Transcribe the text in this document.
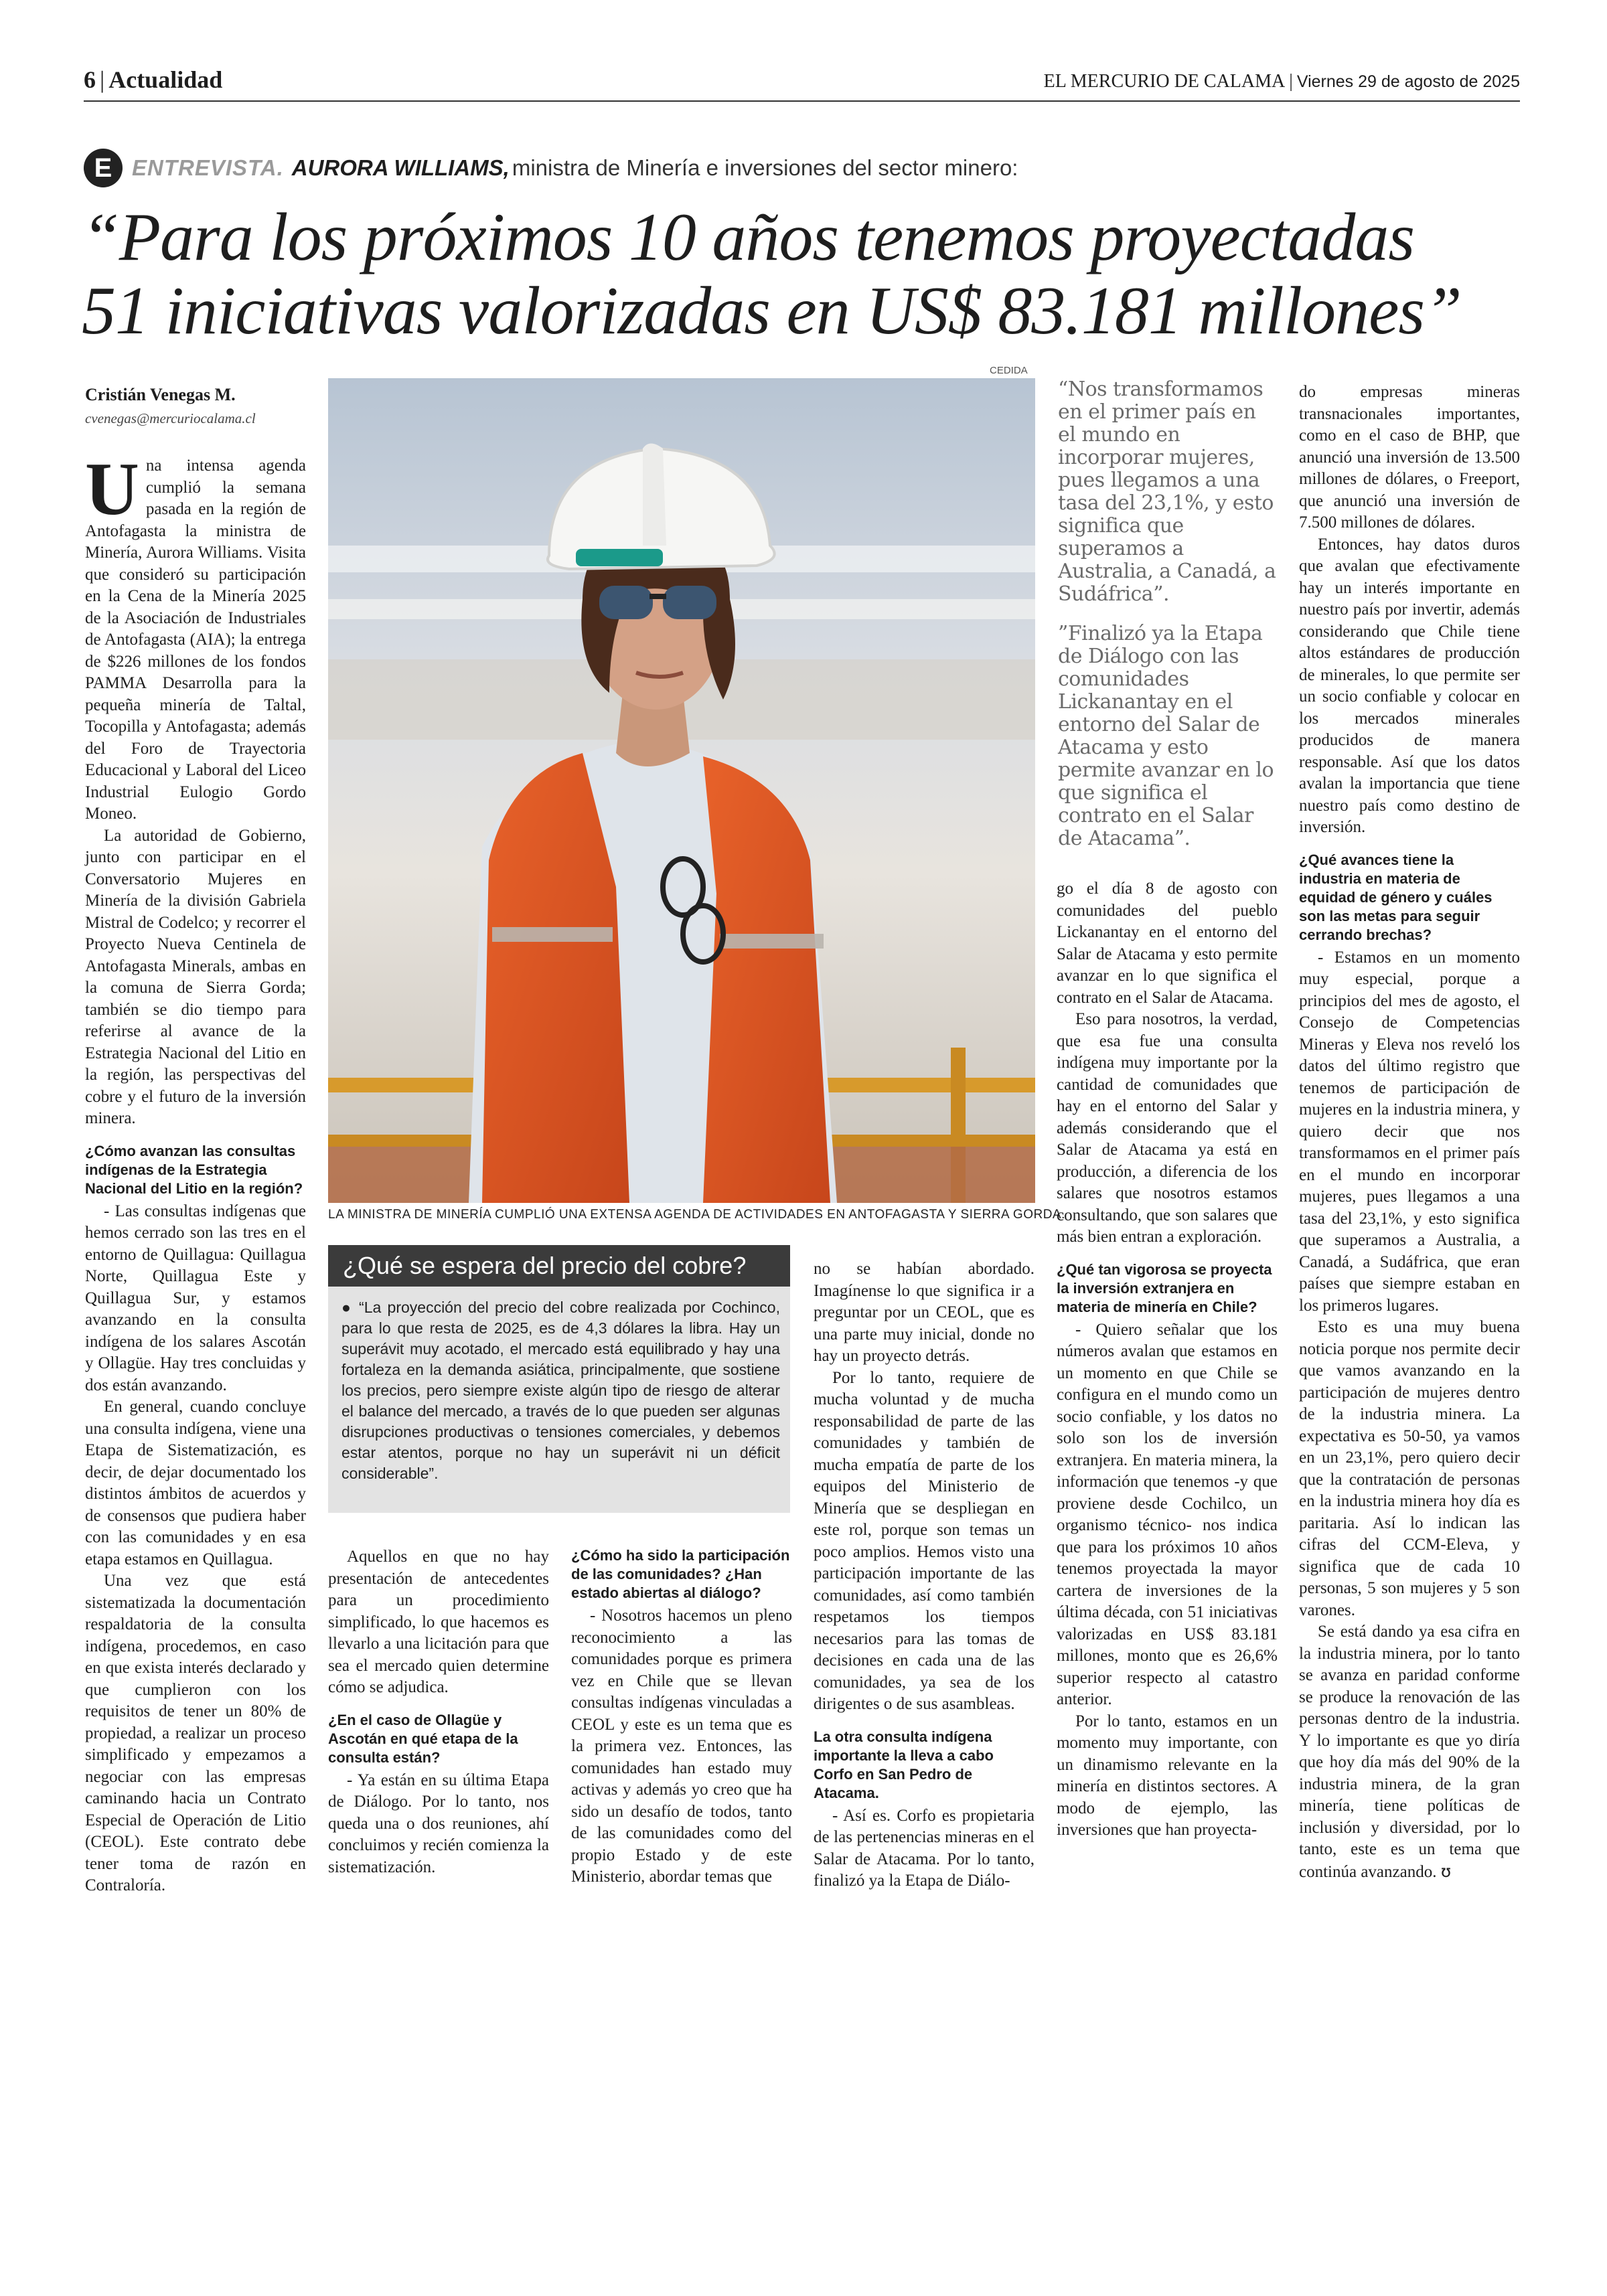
6 | Actualidad	EL MERCURIO DE CALAMA | Viernes 29 de agosto de 2025
E ENTREVISTA. AURORA WILLIAMS, ministra de Minería e inversiones del sector minero:
“Para los próximos 10 años tenemos proyectadas
51 iniciativas valorizadas en US$ 83.181 millones”
Cristián Venegas M.
cvenegas@mercuriocalama.cl
CEDIDA
LA MINISTRA DE MINERÍA CUMPLIÓ UNA EXTENSA AGENDA DE ACTIVIDADES EN ANTOFAGASTA Y SIERRA GORDA.

Una intensa agenda cumplió la semana pasada en la región de Antofagasta la ministra de Minería, Aurora Williams. Visita que consideró su participación en la Cena de la Minería 2025 de la Asociación de Industriales de Antofagasta (AIA); la entrega de $226 millones de los fondos PAMMA Desarrolla para la pequeña minería de Taltal, Tocopilla y Antofagasta; además del Foro de Trayectoria Educacional y Laboral del Liceo Industrial Eulogio Gordo Moneo.

La autoridad de Gobierno, junto con participar en el Conversatorio Mujeres en Minería de la división Gabriela Mistral de Codelco; y recorrer el Proyecto Nueva Centinela de Antofagasta Minerals, ambas en la comuna de Sierra Gorda; también se dio tiempo para referirse al avance de la Estrategia Nacional del Litio en la región, las perspectivas del cobre y el futuro de la inversión minera.

¿Cómo avanzan las consultas indígenas de la Estrategia Nacional del Litio en la región?

- Las consultas indígenas que hemos cerrado son las tres en el entorno de Quillagua: Quillagua Norte, Quillagua Este y Quillagua Sur, y estamos avanzando en la consulta indígena de los salares Ascotán y Ollagüe. Hay tres concluidas y dos están avanzando.

En general, cuando concluye una consulta indígena, viene una Etapa de Sistematización, es decir, de dejar documentado los distintos ámbitos de acuerdos y de consensos que pudiera haber con las comunidades y en esa etapa estamos en Quillagua.

Una vez que está sistematizada la documentación respaldatoria de la consulta indígena, procedemos, en caso en que exista interés declarado y que cumplieron con los requisitos de tener un 80% de propiedad, a realizar un proceso simplificado y empezamos a negociar con las empresas caminando hacia un Contrato Especial de Operación de Litio (CEOL). Este contrato debe tener toma de razón en Contraloría.

¿Qué se espera del precio del cobre?
● “La proyección del precio del cobre realizada por Cochinco, para lo que resta de 2025, es de 4,3 dólares la libra. Hay un superávit muy acotado, el mercado está equilibrado y hay una fortaleza en la demanda asiática, principalmente, que sostiene los precios, pero siempre existe algún tipo de riesgo de alterar el balance del mercado, a través de lo que pueden ser algunas disrupciones productivas o tensiones comerciales, y debemos estar atentos, porque no hay un superávit ni un déficit considerable”.

Aquellos en que no hay presentación de antecedentes para un procedimiento simplificado, lo que hacemos es llevarlo a una licitación para que sea el mercado quien determine cómo se adjudica.

¿En el caso de Ollagüe y Ascotán en qué etapa de la consulta están?

- Ya están en su última Etapa de Diálogo. Por lo tanto, nos queda una o dos reuniones, ahí concluimos y recién comienza la sistematización.

¿Cómo ha sido la participación de las comunidades? ¿Han estado abiertas al diálogo?

- Nosotros hacemos un pleno reconocimiento a las comunidades porque es primera vez en Chile que se llevan consultas indígenas vinculadas a CEOL y este es un tema que es la primera vez. Entonces, las comunidades han estado muy activas y además yo creo que ha sido un desafío de todos, tanto de las comunidades como del propio Estado y de este Ministerio, abordar temas que

no se habían abordado. Imagínense lo que significa ir a preguntar por un CEOL, que es una parte muy inicial, donde no hay un proyecto detrás.

Por lo tanto, requiere de mucha voluntad y de mucha responsabilidad de parte de las comunidades y también de mucha empatía de parte de los equipos del Ministerio de Minería que se despliegan en este rol, porque son temas un poco amplios. Hemos visto una participación importante de las comunidades, así como también respetamos los tiempos necesarios para las tomas de decisiones en cada una de las comunidades, ya sea de los dirigentes o de sus asambleas.

La otra consulta indígena importante la lleva a cabo Corfo en San Pedro de Atacama.

- Así es. Corfo es propietaria de las pertenencias mineras en el Salar de Atacama. Por lo tanto, finalizó ya la Etapa de Diálo-

“Nos transformamos en el primer país en el mundo en incorporar mujeres, pues llegamos a una tasa del 23,1%, y esto significa que superamos a Australia, a Canadá, a Sudáfrica”.
”Finalizó ya la Etapa de Diálogo con las comunidades Lickanantay en el entorno del Salar de Atacama y esto permite avanzar en lo que significa el contrato en el Salar de Atacama”.

go el día 8 de agosto con comunidades del pueblo Lickanantay en el entorno del Salar de Atacama y esto permite avanzar en lo que significa el contrato en el Salar de Atacama.

Eso para nosotros, la verdad, que esa fue una consulta indígena muy importante por la cantidad de comunidades que hay en el entorno del Salar y además considerando que el Salar de Atacama ya está en producción, a diferencia de los salares que nosotros estamos consultando, que son salares que más bien entran a exploración.

¿Qué tan vigorosa se proyecta la inversión extranjera en materia de minería en Chile?

- Quiero señalar que los números avalan que estamos en un momento en que Chile se configura en el mundo como un socio confiable, y los datos no solo son los de inversión extranjera. En materia minera, la información que tenemos -y que proviene desde Cochilco, un organismo técnico- nos indica que para los próximos 10 años tenemos proyectada la mayor cartera de inversiones de la última década, con 51 iniciativas valorizadas en US$ 83.181 millones, monto que es 26,6% superior respecto al catastro anterior.

Por lo tanto, estamos en un momento muy importante, con un dinamismo relevante en la minería en distintos sectores. A modo de ejemplo, las inversiones que han proyecta-

do empresas mineras transnacionales importantes, como en el caso de BHP, que anunció una inversión de 13.500 millones de dólares, o Freeport, que anunció una inversión de 7.500 millones de dólares.

Entonces, hay datos duros que avalan que efectivamente hay un interés importante en nuestro país por invertir, además considerando que Chile tiene altos estándares de producción de minerales, lo que permite ser un socio confiable y colocar en los mercados minerales producidos de manera responsable. Así que los datos avalan la importancia que tiene nuestro país como destino de inversión.

¿Qué avances tiene la industria en materia de equidad de género y cuáles son las metas para seguir cerrando brechas?

- Estamos en un momento muy especial, porque a principios del mes de agosto, el Consejo de Competencias Mineras y Eleva nos reveló los datos del último registro que tenemos de participación de mujeres en la industria minera, y quiero decir que nos transformamos en el primer país en el mundo en incorporar mujeres, pues llegamos a una tasa del 23,1%, y esto significa que superamos a Australia, a Canadá, a Sudáfrica, que eran países que siempre estaban en los primeros lugares.

Esto es una muy buena noticia porque nos permite decir que vamos avanzando en la participación de mujeres dentro de la industria minera. La expectativa es 50-50, ya vamos en un 23,1%, pero quiero decir que la contratación de personas en la industria minera hoy día es paritaria. Así lo indican las cifras del CCM-Eleva, y significa que de cada 10 personas, 5 son mujeres y 5 son varones.

Se está dando ya esa cifra en la industria minera, por lo tanto se avanza en paridad conforme se produce la renovación de las personas dentro de la industria. Y lo importante es que yo diría que hoy día más del 90% de la industria minera, de la gran minería, tiene políticas de inclusión y diversidad, por lo tanto, este es un tema que continúa avanzando. ʊ
